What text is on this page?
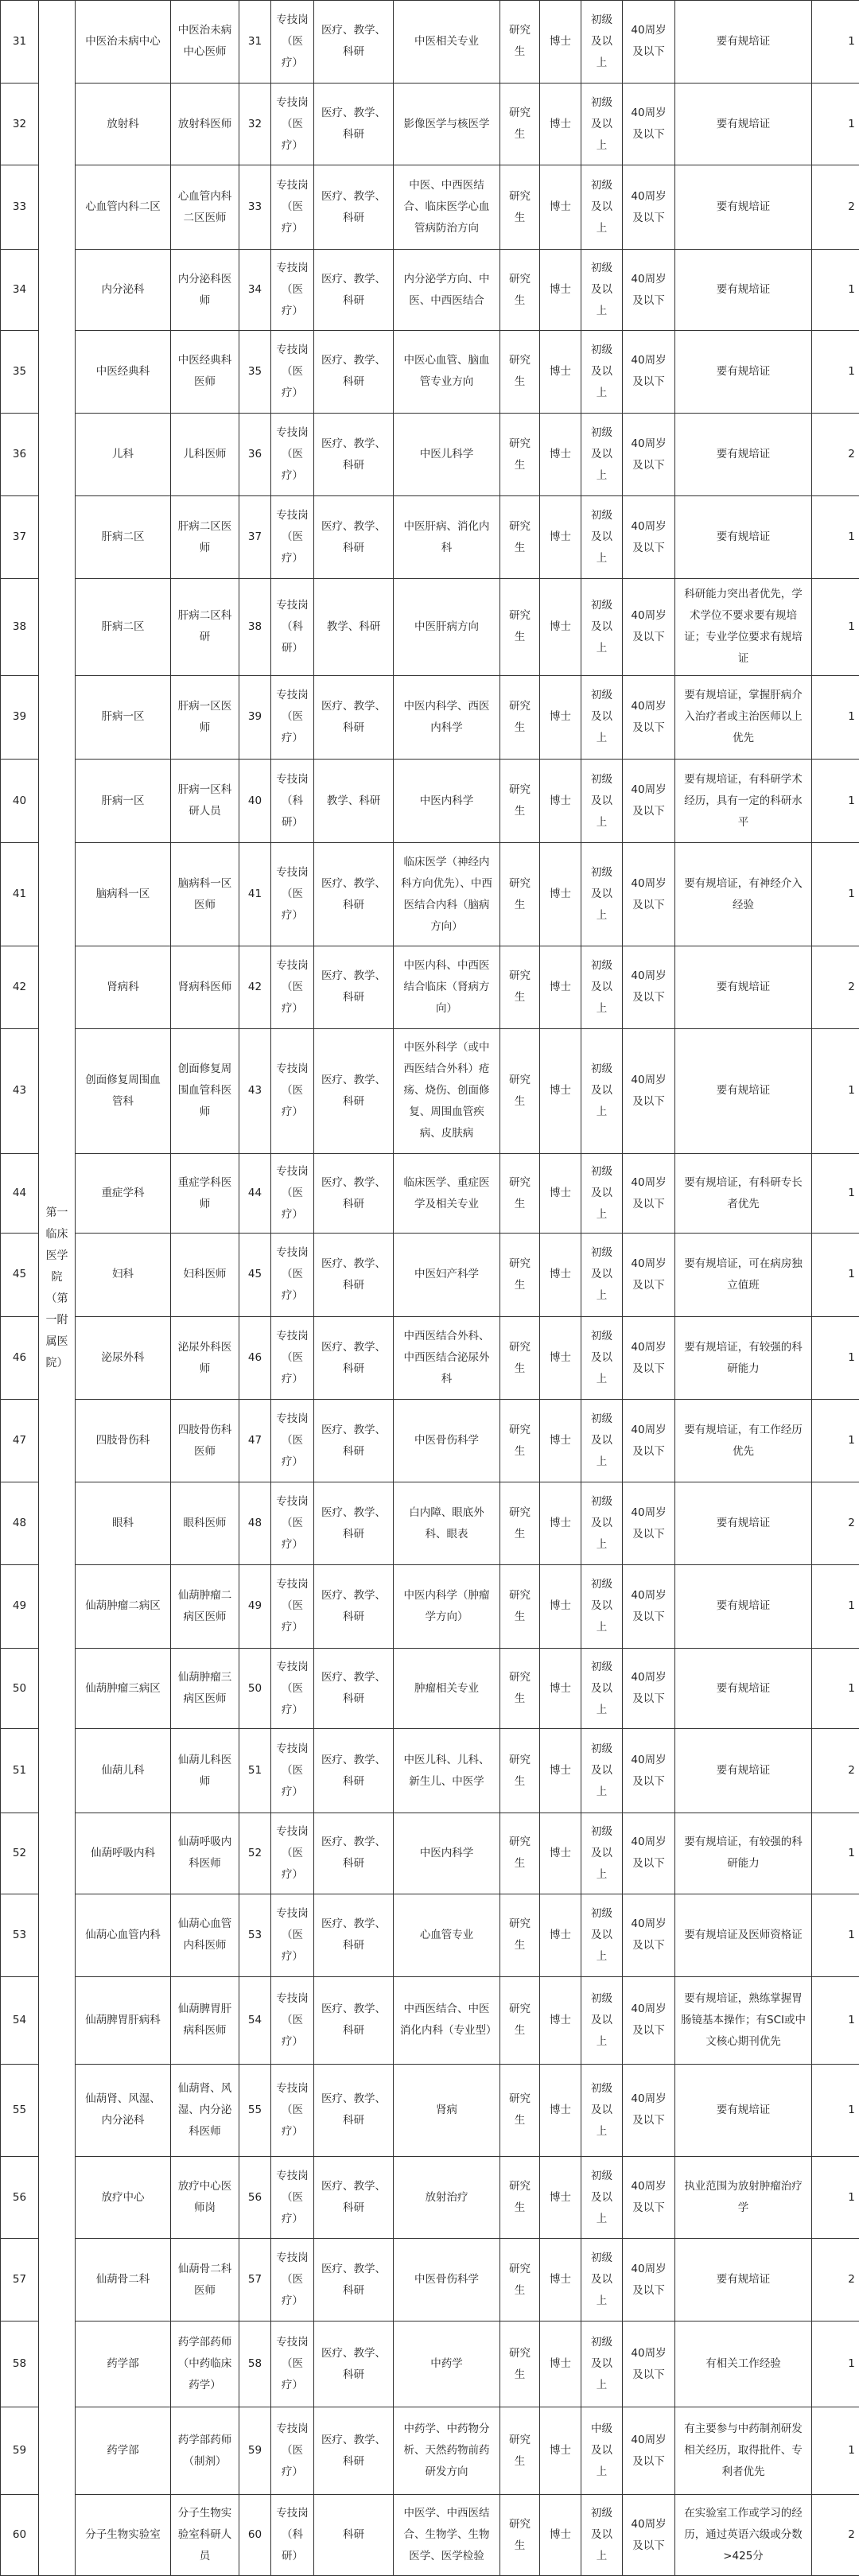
31	第一临床医学院（第一附属医院）	中医治未病中心	中医治未病中心医师	31	专技岗（医疗）	医疗、教学、科研	中医相关专业	研究生	博士	初级及以上	40周岁及以下	要有规培证	1
32		放射科	放射科医师	32	专技岗（医疗）	医疗、教学、科研	影像医学与核医学	研究生	博士	初级及以上	40周岁及以下	要有规培证	1
33		心血管内科二区	心血管内科二区医师	33	专技岗（医疗）	医疗、教学、科研	中医、中西医结合、临床医学心血管病防治方向	研究生	博士	初级及以上	40周岁及以下	要有规培证	2
34		内分泌科	内分泌科医师	34	专技岗（医疗）	医疗、教学、科研	内分泌学方向、中医、中西医结合	研究生	博士	初级及以上	40周岁及以下	要有规培证	1
35		中医经典科	中医经典科医师	35	专技岗（医疗）	医疗、教学、科研	中医心血管、脑血管专业方向	研究生	博士	初级及以上	40周岁及以下	要有规培证	1
36		儿科	儿科医师	36	专技岗（医疗）	医疗、教学、科研	中医儿科学	研究生	博士	初级及以上	40周岁及以下	要有规培证	2
37		肝病二区	肝病二区医师	37	专技岗（医疗）	医疗、教学、科研	中医肝病、消化内科	研究生	博士	初级及以上	40周岁及以下	要有规培证	1
38		肝病二区	肝病二区科研	38	专技岗（科研）	教学、科研	中医肝病方向	研究生	博士	初级及以上	40周岁及以下	科研能力突出者优先，学术学位不要求要有规培证；专业学位要求有规培证	1
39		肝病一区	肝病一区医师	39	专技岗（医疗）	医疗、教学、科研	中医内科学、西医内科学	研究生	博士	初级及以上	40周岁及以下	要有规培证，掌握肝病介入治疗者或主治医师以上优先	1
40		肝病一区	肝病一区科研人员	40	专技岗（科研）	教学、科研	中医内科学	研究生	博士	初级及以上	40周岁及以下	要有规培证，有科研学术经历，具有一定的科研水平	1
41		脑病科一区	脑病科一区医师	41	专技岗（医疗）	医疗、教学、科研	临床医学（神经内科方向优先）、中西医结合内科（脑病方向）	研究生	博士	初级及以上	40周岁及以下	要有规培证，有神经介入经验	1
42		肾病科	肾病科医师	42	专技岗（医疗）	医疗、教学、科研	中医内科、中西医结合临床（肾病方向）	研究生	博士	初级及以上	40周岁及以下	要有规培证	2
43		创面修复周围血管科	创面修复周围血管科医师	43	专技岗（医疗）	医疗、教学、科研	中医外科学（或中西医结合外科）疮疡、烧伤、创面修复、周围血管疾病、皮肤病	研究生	博士	初级及以上	40周岁及以下	要有规培证	1
44		重症学科	重症学科医师	44	专技岗（医疗）	医疗、教学、科研	临床医学、重症医学及相关专业	研究生	博士	初级及以上	40周岁及以下	要有规培证，有科研专长者优先	1
45		妇科	妇科医师	45	专技岗（医疗）	医疗、教学、科研	中医妇产科学	研究生	博士	初级及以上	40周岁及以下	要有规培证，可在病房独立值班	1
46		泌尿外科	泌尿外科医师	46	专技岗（医疗）	医疗、教学、科研	中西医结合外科、中西医结合泌尿外科	研究生	博士	初级及以上	40周岁及以下	要有规培证，有较强的科研能力	1
47		四肢骨伤科	四肢骨伤科医师	47	专技岗（医疗）	医疗、教学、科研	中医骨伤科学	研究生	博士	初级及以上	40周岁及以下	要有规培证，有工作经历优先	1
48		眼科	眼科医师	48	专技岗（医疗）	医疗、教学、科研	白内障、眼底外科、眼表	研究生	博士	初级及以上	40周岁及以下	要有规培证	2
49		仙葫肿瘤二病区	仙葫肿瘤二病区医师	49	专技岗（医疗）	医疗、教学、科研	中医内科学（肿瘤学方向）	研究生	博士	初级及以上	40周岁及以下	要有规培证	1
50		仙葫肿瘤三病区	仙葫肿瘤三病区医师	50	专技岗（医疗）	医疗、教学、科研	肿瘤相关专业	研究生	博士	初级及以上	40周岁及以下	要有规培证	1
51		仙葫儿科	仙葫儿科医师	51	专技岗（医疗）	医疗、教学、科研	中医儿科、儿科、新生儿、中医学	研究生	博士	初级及以上	40周岁及以下	要有规培证	2
52		仙葫呼吸内科	仙葫呼吸内科医师	52	专技岗（医疗）	医疗、教学、科研	中医内科学	研究生	博士	初级及以上	40周岁及以下	要有规培证，有较强的科研能力	1
53		仙葫心血管内科	仙葫心血管内科医师	53	专技岗（医疗）	医疗、教学、科研	心血管专业	研究生	博士	初级及以上	40周岁及以下	要有规培证及医师资格证	1
54		仙葫脾胃肝病科	仙葫脾胃肝病科医师	54	专技岗（医疗）	医疗、教学、科研	中西医结合、中医消化内科（专业型）	研究生	博士	初级及以上	40周岁及以下	要有规培证，熟练掌握胃肠镜基本操作；有SCI或中文核心期刊优先	1
55		仙葫肾、风湿、内分泌科	仙葫肾、风湿、内分泌科医师	55	专技岗（医疗）	医疗、教学、科研	肾病	研究生	博士	初级及以上	40周岁及以下	要有规培证	1
56		放疗中心	放疗中心医师岗	56	专技岗（医疗）	医疗、教学、科研	放射治疗	研究生	博士	初级及以上	40周岁及以下	执业范围为放射肿瘤治疗学	1
57		仙葫骨二科	仙葫骨二科医师	57	专技岗（医疗）	医疗、教学、科研	中医骨伤科学	研究生	博士	初级及以上	40周岁及以下	要有规培证	2
58		药学部	药学部药师（中药临床药学）	58	专技岗（医疗）	医疗、教学、科研	中药学	研究生	博士	初级及以上	40周岁及以下	有相关工作经验	1
59		药学部	药学部药师（制剂）	59	专技岗（医疗）	医疗、教学、科研	中药学、中药物分析、天然药物前药研发方向	研究生	博士	中级及以上	40周岁及以下	有主要参与中药制剂研发相关经历，取得批件、专利者优先	1
60		分子生物实验室	分子生物实验室科研人员	60	专技岗（科研）	科研	中医学、中西医结合、生物学、生物医学、医学检验	研究生	博士	初级及以上	40周岁及以下	在实验室工作或学习的经历，通过英语六级或分数>425分	2
